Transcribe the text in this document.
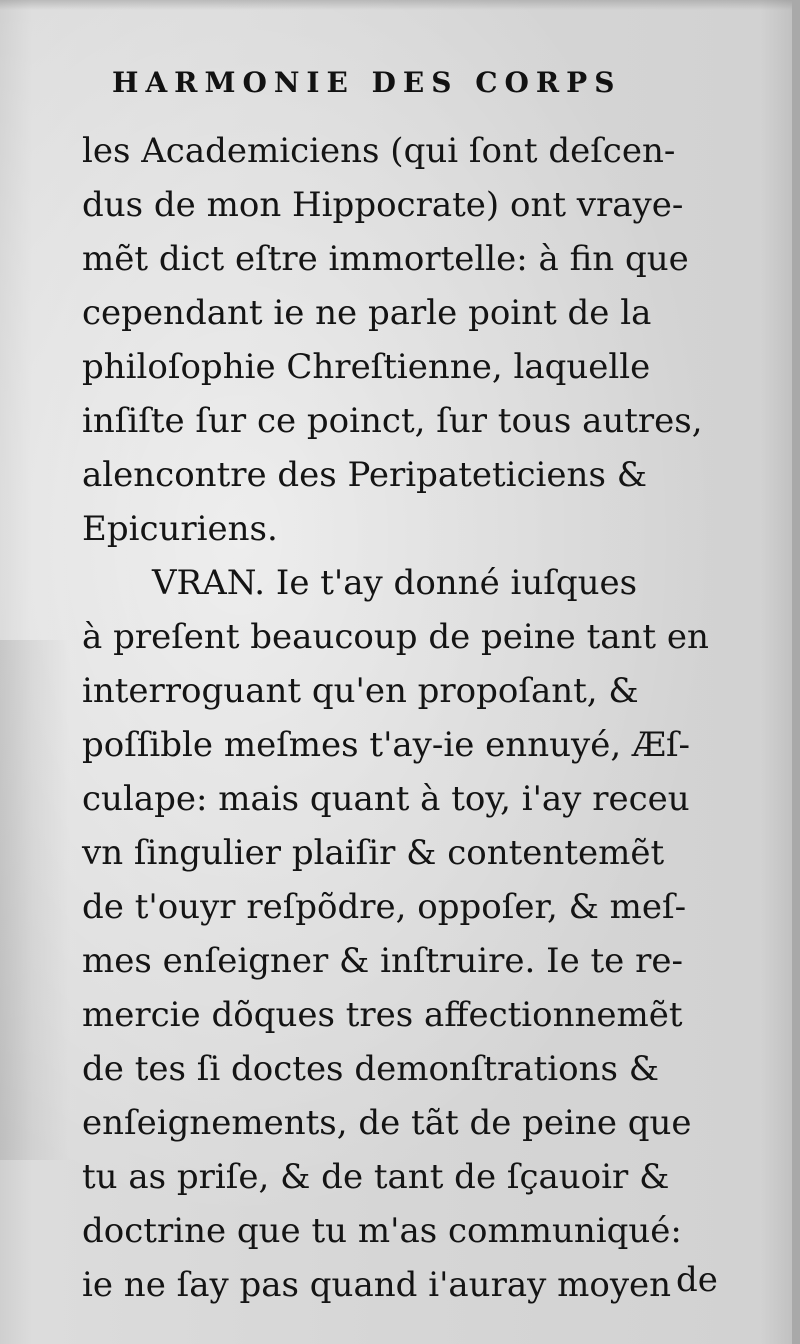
HARMONIE DES CORPS
les Academiciens (qui ſont deſcen-
dus de mon Hippocrate) ont vraye-
mẽt dict eſtre immortelle: à fin que
cependant ie ne parle point de la
philoſophie Chreſtienne, laquelle
inſiſte ſur ce poinct, ſur tous autres,
alencontre des Peripateticiens &
Epicuriens.
VRAN. Ie t'ay donné iuſques
à preſent beaucoup de peine tant en
interroguant qu'en propoſant, &
poſſible meſmes t'ay-ie ennuyé, Æſ-
culape: mais quant à toy, i'ay receu
vn ſingulier plaiſir & contentemẽt
de t'ouyr reſpõdre, oppoſer, & meſ-
mes enſeigner & inſtruire. Ie te re-
mercie dõques tres affectionnemẽt
de tes ſi doctes demonſtrations &
enſeignements, de tãt de peine que
tu as priſe, & de tant de ſçauoir &
doctrine que tu m'as communiqué:
ie ne ſay pas quand i'auray moyen de
